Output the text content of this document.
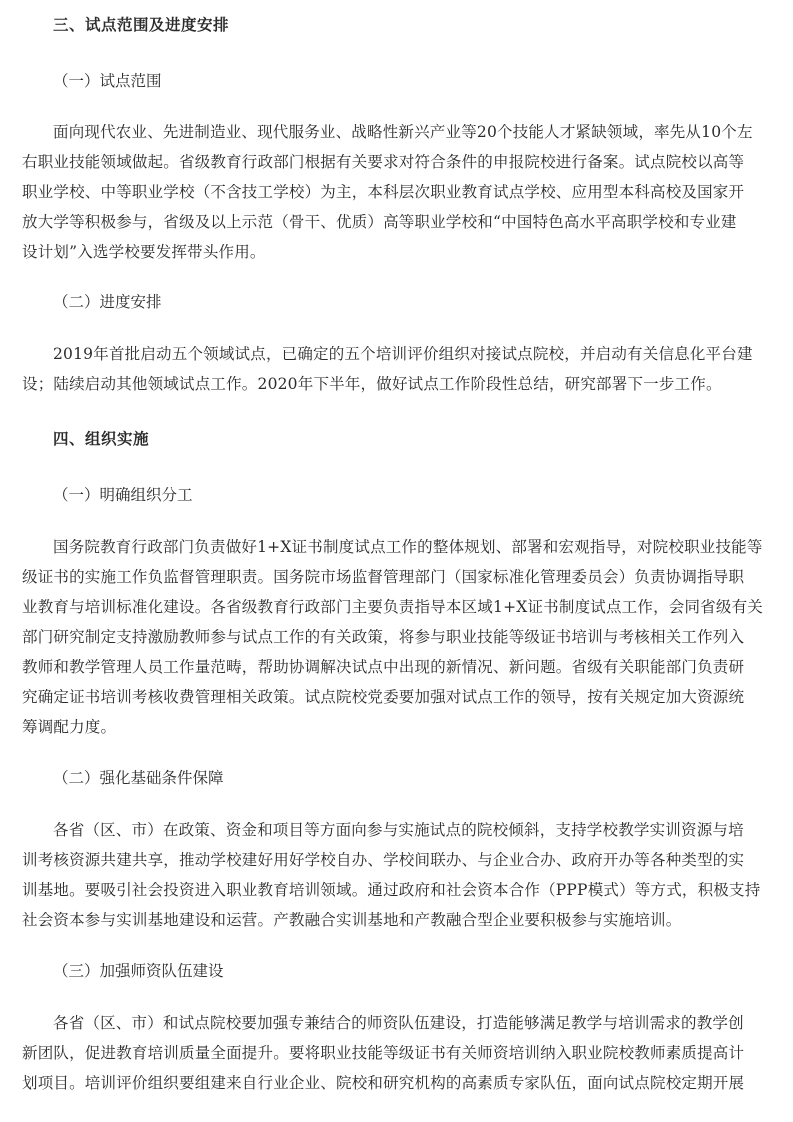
三、试点范围及进度安排
（一）试点范围
面向现代农业、先进制造业、现代服务业、战略性新兴产业等20个技能人才紧缺领域，率先从10个左
右职业技能领域做起。省级教育行政部门根据有关要求对符合条件的申报院校进行备案。试点院校以高等
职业学校、中等职业学校（不含技工学校）为主，本科层次职业教育试点学校、应用型本科高校及国家开
放大学等积极参与，省级及以上示范（骨干、优质）高等职业学校和“中国特色高水平高职学校和专业建
设计划”入选学校要发挥带头作用。
（二）进度安排
2019年首批启动五个领域试点，已确定的五个培训评价组织对接试点院校，并启动有关信息化平台建
设；陆续启动其他领域试点工作。2020年下半年，做好试点工作阶段性总结，研究部署下一步工作。
四、组织实施
（一）明确组织分工
国务院教育行政部门负责做好1+X证书制度试点工作的整体规划、部署和宏观指导，对院校职业技能等
级证书的实施工作负监督管理职责。国务院市场监督管理部门（国家标准化管理委员会）负责协调指导职
业教育与培训标准化建设。各省级教育行政部门主要负责指导本区域1+X证书制度试点工作，会同省级有关
部门研究制定支持激励教师参与试点工作的有关政策，将参与职业技能等级证书培训与考核相关工作列入
教师和教学管理人员工作量范畴，帮助协调解决试点中出现的新情况、新问题。省级有关职能部门负责研
究确定证书培训考核收费管理相关政策。试点院校党委要加强对试点工作的领导，按有关规定加大资源统
筹调配力度。
（二）强化基础条件保障
各省（区、市）在政策、资金和项目等方面向参与实施试点的院校倾斜，支持学校教学实训资源与培
训考核资源共建共享，推动学校建好用好学校自办、学校间联办、与企业合办、政府开办等各种类型的实
训基地。要吸引社会投资进入职业教育培训领域。通过政府和社会资本合作（PPP模式）等方式，积极支持
社会资本参与实训基地建设和运营。产教融合实训基地和产教融合型企业要积极参与实施培训。
（三）加强师资队伍建设
各省（区、市）和试点院校要加强专兼结合的师资队伍建设，打造能够满足教学与培训需求的教学创
新团队，促进教育培训质量全面提升。要将职业技能等级证书有关师资培训纳入职业院校教师素质提高计
划项目。培训评价组织要组建来自行业企业、院校和研究机构的高素质专家队伍，面向试点院校定期开展
